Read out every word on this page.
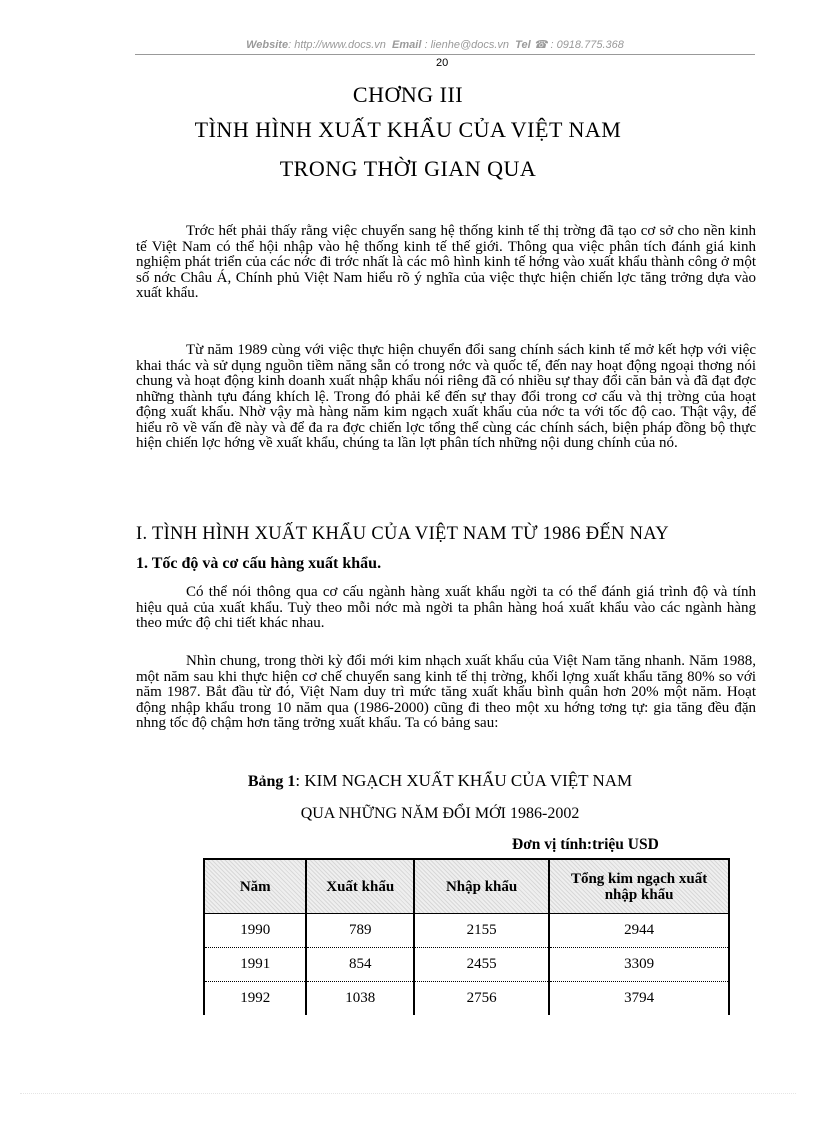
Website: http://www.docs.vn Email : lienhe@docs.vn Tel ☎ : 0918.775.368
20
CHƠNG III
TÌNH HÌNH XUẤT KHẨU CỦA VIỆT NAM
TRONG THỜI GIAN QUA

Trớc hết phải thấy rằng việc chuyển sang hệ thống kinh tế thị trờng đã tạo cơ sở cho nền kinh tế Việt Nam có thể hội nhập vào hệ thống kinh tế thế giới. Thông qua việc phân tích đánh giá kinh nghiệm phát triển của các nớc đi trớc nhất là các mô hình kinh tế hớng vào xuất khẩu thành công ở một số nớc Châu Á, Chính phủ Việt Nam hiểu rõ ý nghĩa của việc thực hiện chiến lợc tăng trởng dựa vào xuất khẩu.

Từ năm 1989 cùng với việc thực hiện chuyển đổi sang chính sách kinh tế mở kết hợp với việc khai thác và sử dụng nguồn tiềm năng sẵn có trong nớc và quốc tế, đến nay hoạt động ngoại thơng nói chung và hoạt động kinh doanh xuất nhập khẩu nói riêng đã có nhiều sự thay đổi căn bản và đã đạt đợc những thành tựu đáng khích lệ. Trong đó phải kể đến sự thay đổi trong cơ cấu và thị trờng của hoạt động xuất khẩu. Nhờ vậy mà hàng năm kim ngạch xuất khẩu của nớc ta với tốc độ cao. Thật vậy, để hiểu rõ về vấn đề này và để đa ra đợc chiến lợc tổng thể cùng các chính sách, biện pháp đồng bộ thực hiện chiến lợc hớng về xuất khẩu, chúng ta lần lợt phân tích những nội dung chính của nó.

I. TÌNH HÌNH XUẤT KHẨU CỦA VIỆT NAM TỪ 1986 ĐẾN NAY
1. Tốc độ và cơ cấu hàng xuất khẩu.

Có thể nói thông qua cơ cấu ngành hàng xuất khẩu ngời ta có thể đánh giá trình độ và tính hiệu quả của xuất khẩu. Tuỳ theo mỗi nớc mà ngời ta phân hàng hoá xuất khẩu vào các ngành hàng theo mức độ chi tiết khác nhau.

Nhìn chung, trong thời kỳ đổi mới kim nhạch xuất khẩu của Việt Nam tăng nhanh. Năm 1988, một năm sau khi thực hiện cơ chế chuyển sang kinh tế thị trờng, khối lợng xuất khẩu tăng 80% so với năm 1987. Bắt đầu từ đó, Việt Nam duy trì mức tăng xuất khẩu bình quân hơn 20% một năm. Hoạt động nhập khẩu trong 10 năm qua (1986-2000) cũng đi theo một xu hớng tơng tự: gia tăng đều đặn nhng tốc độ chậm hơn tăng trởng xuất khẩu. Ta có bảng sau:

Bảng 1: KIM NGẠCH XUẤT KHẨU CỦA VIỆT NAM
QUA NHỮNG NĂM ĐỔI MỚI 1986-2002
Đơn vị tính:triệu USD
Năm	Xuất khẩu	Nhập khẩu	Tổng kim ngạch xuất nhập khẩu
1990	789	2155	2944
1991	854	2455	3309
1992	1038	2756	3794
